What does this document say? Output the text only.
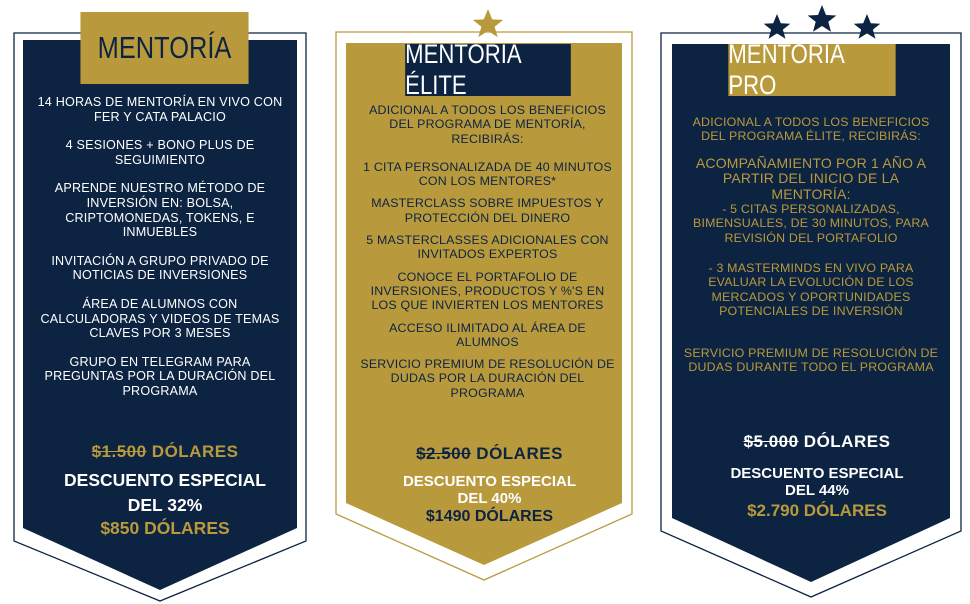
MENTORÍA

14 HORAS DE MENTORÍA EN VIVO CON FER Y CATA PALACIO

4 SESIONES + BONO PLUS DE SEGUIMIENTO

APRENDE NUESTRO MÉTODO DE INVERSIÓN EN: BOLSA, CRIPTOMONEDAS, TOKENS, E INMUEBLES

INVITACIÓN A GRUPO PRIVADO DE NOTICIAS DE INVERSIONES

ÁREA DE ALUMNOS CON CALCULADORAS Y VIDEOS DE TEMAS CLAVES POR 3 MESES

GRUPO EN TELEGRAM PARA PREGUNTAS POR LA DURACIÓN DEL PROGRAMA

$1.500 DÓLARES
DESCUENTO ESPECIAL
DEL 32%
$850 DÓLARES
MENTORÍA ÉLITE

ADICIONAL A TODOS LOS BENEFICIOS DEL PROGRAMA DE MENTORÍA, RECIBIRÁS:

1 CITA PERSONALIZADA DE 40 MINUTOS CON LOS MENTORES*

MASTERCLASS SOBRE IMPUESTOS Y PROTECCIÓN DEL DINERO

5 MASTERCLASSES ADICIONALES CON INVITADOS EXPERTOS

CONOCE EL PORTAFOLIO DE INVERSIONES, PRODUCTOS Y %'S EN LOS QUE INVIERTEN LOS MENTORES

ACCESO ILIMITADO AL ÁREA DE ALUMNOS

SERVICIO PREMIUM DE RESOLUCIÓN DE DUDAS POR LA DURACIÓN DEL PROGRAMA

$2.500 DÓLARES
DESCUENTO ESPECIAL
DEL 40%
$1490 DÓLARES
MENTORÍA PRO

ADICIONAL A TODOS LOS BENEFICIOS DEL PROGRAMA ÉLITE, RECIBIRÁS:

ACOMPAÑAMIENTO POR 1 AÑO A PARTIR DEL INICIO DE LA MENTORÍA:

- 5 CITAS PERSONALIZADAS, BIMENSUALES, DE 30 MINUTOS, PARA REVISIÓN DEL PORTAFOLIO

- 3 MASTERMINDS EN VIVO PARA EVALUAR LA EVOLUCIÓN DE LOS MERCADOS Y OPORTUNIDADES POTENCIALES DE INVERSIÓN

SERVICIO PREMIUM DE RESOLUCIÓN DE DUDAS DURANTE TODO EL PROGRAMA

$5.000 DÓLARES
DESCUENTO ESPECIAL
DEL 44%
$2.790 DÓLARES
